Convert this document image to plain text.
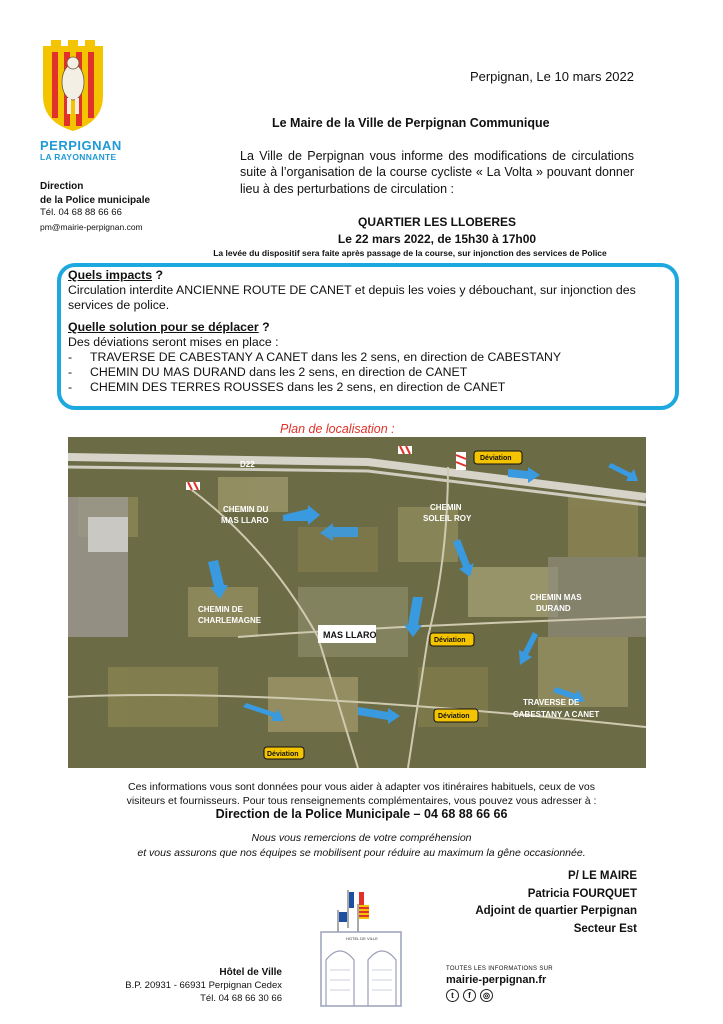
PERPIGNAN
LA RAYONNANTE
Direction
de la Police municipale
Tél. 04 68 88 66 66
pm@mairie-perpignan.com
Perpignan, Le 10 mars 2022
Le Maire de la Ville de Perpignan Communique
La Ville de Perpignan vous informe des modifications de circulations suite à l’organisation de la course cycliste « La Volta » pouvant donner lieu à des perturbations de circulation :
QUARTIER LES LLOBERES
Le 22 mars 2022, de 15h30 à 17h00
La levée du dispositif sera faite après passage de la course, sur injonction des services de Police
Quels impacts ?
Circulation interdite ANCIENNE ROUTE DE CANET et depuis les voies y débouchant, sur injonction des services de police.
Quelle solution pour se déplacer ?
Des déviations seront mises en place :
- TRAVERSE DE CABESTANY A CANET dans les 2 sens, en direction de CABESTANY
- CHEMIN DU MAS DURAND dans les 2 sens, en direction de CANET
- CHEMIN DES TERRES ROUSSES dans les 2 sens, en direction de CANET
Plan de localisation :
D22
CHEMIN DU
MAS LLARO
CHEMIN
SOLEIL ROY
CHEMIN DE
CHARLEMAGNE
MAS LLARO
CHEMIN MAS
DURAND
TRAVERSE DE
CABESTANY A CANET
Déviation
Déviation
Déviation
Déviation
Ces informations vous sont données pour vous aider à adapter vos itinéraires habituels, ceux de vos
visiteurs et fournisseurs. Pour tous renseignements complémentaires, vous pouvez vous adresser à :
Direction de la Police Municipale – 04 68 88 66 66
Nous vous remercions de votre compréhension
et vous assurons que nos équipes se mobilisent pour réduire au maximum la gêne occasionnée.
P/ LE MAIRE
Patricia FOURQUET
Adjoint de quartier Perpignan
Secteur Est
HOTEL DE VILLE
Hôtel de Ville
B.P. 20931 - 66931 Perpignan Cedex
Tél. 04 68 66 30 66
TOUTES LES INFORMATIONS SUR
mairie-perpignan.fr
t	f	◎
